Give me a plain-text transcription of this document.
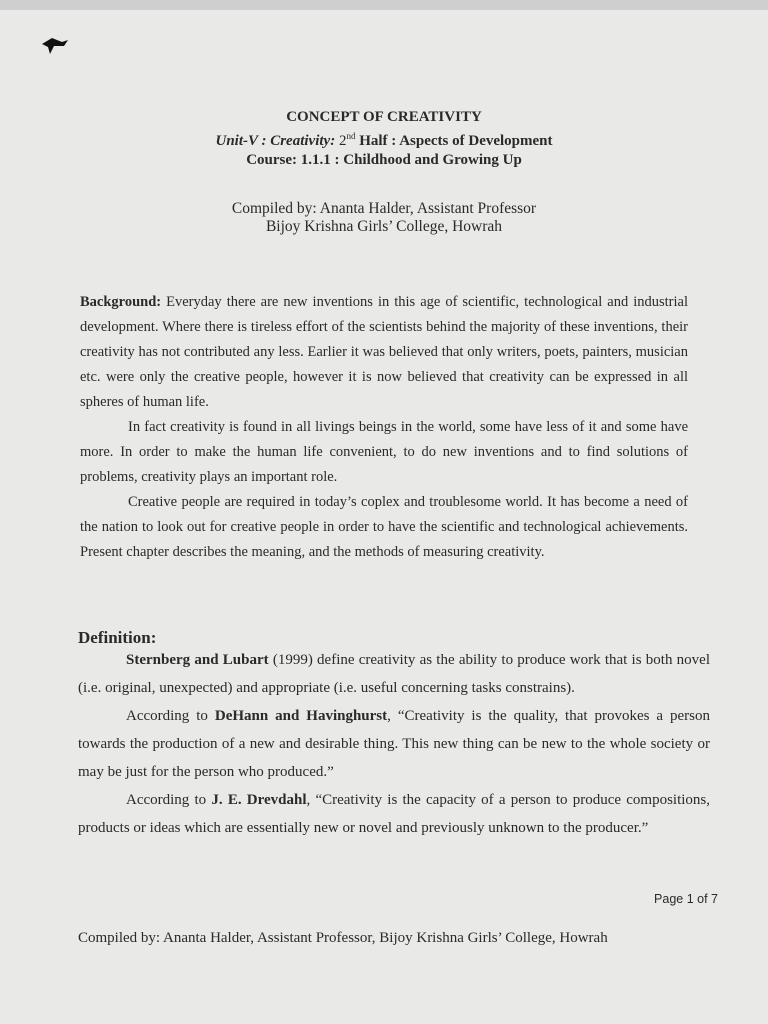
CONCEPT OF CREATIVITY
Unit-V : Creativity: 2nd Half : Aspects of Development
Course: 1.1.1 : Childhood and Growing Up
Compiled by: Ananta Halder, Assistant Professor
Bijoy Krishna Girls’ College, Howrah

Background: Everyday there are new inventions in this age of scientific, technological and industrial development. Where there is tireless effort of the scientists behind the majority of these inventions, their creativity has not contributed any less. Earlier it was believed that only writers, poets, painters, musician etc. were only the creative people, however it is now believed that creativity can be expressed in all spheres of human life.

In fact creativity is found in all livings beings in the world, some have less of it and some have more. In order to make the human life convenient, to do new inventions and to find solutions of problems, creativity plays an important role.

Creative people are required in today’s coplex and troublesome world. It has become a need of the nation to look out for creative people in order to have the scientific and technological achievements. Present chapter describes the meaning, and the methods of measuring creativity.

Definition:

Sternberg and Lubart (1999) define creativity as the ability to produce work that is both novel (i.e. original, unexpected) and appropriate (i.e. useful concerning tasks constrains).

According to DeHann and Havinghurst, “Creativity is the quality, that provokes a person towards the production of a new and desirable thing. This new thing can be new to the whole society or may be just for the person who produced.”

According to J. E. Drevdahl, “Creativity is the capacity of a person to produce compositions, products or ideas which are essentially new or novel and previously unknown to the producer.”

Page 1 of 7
Compiled by: Ananta Halder, Assistant Professor, Bijoy Krishna Girls’ College, Howrah
